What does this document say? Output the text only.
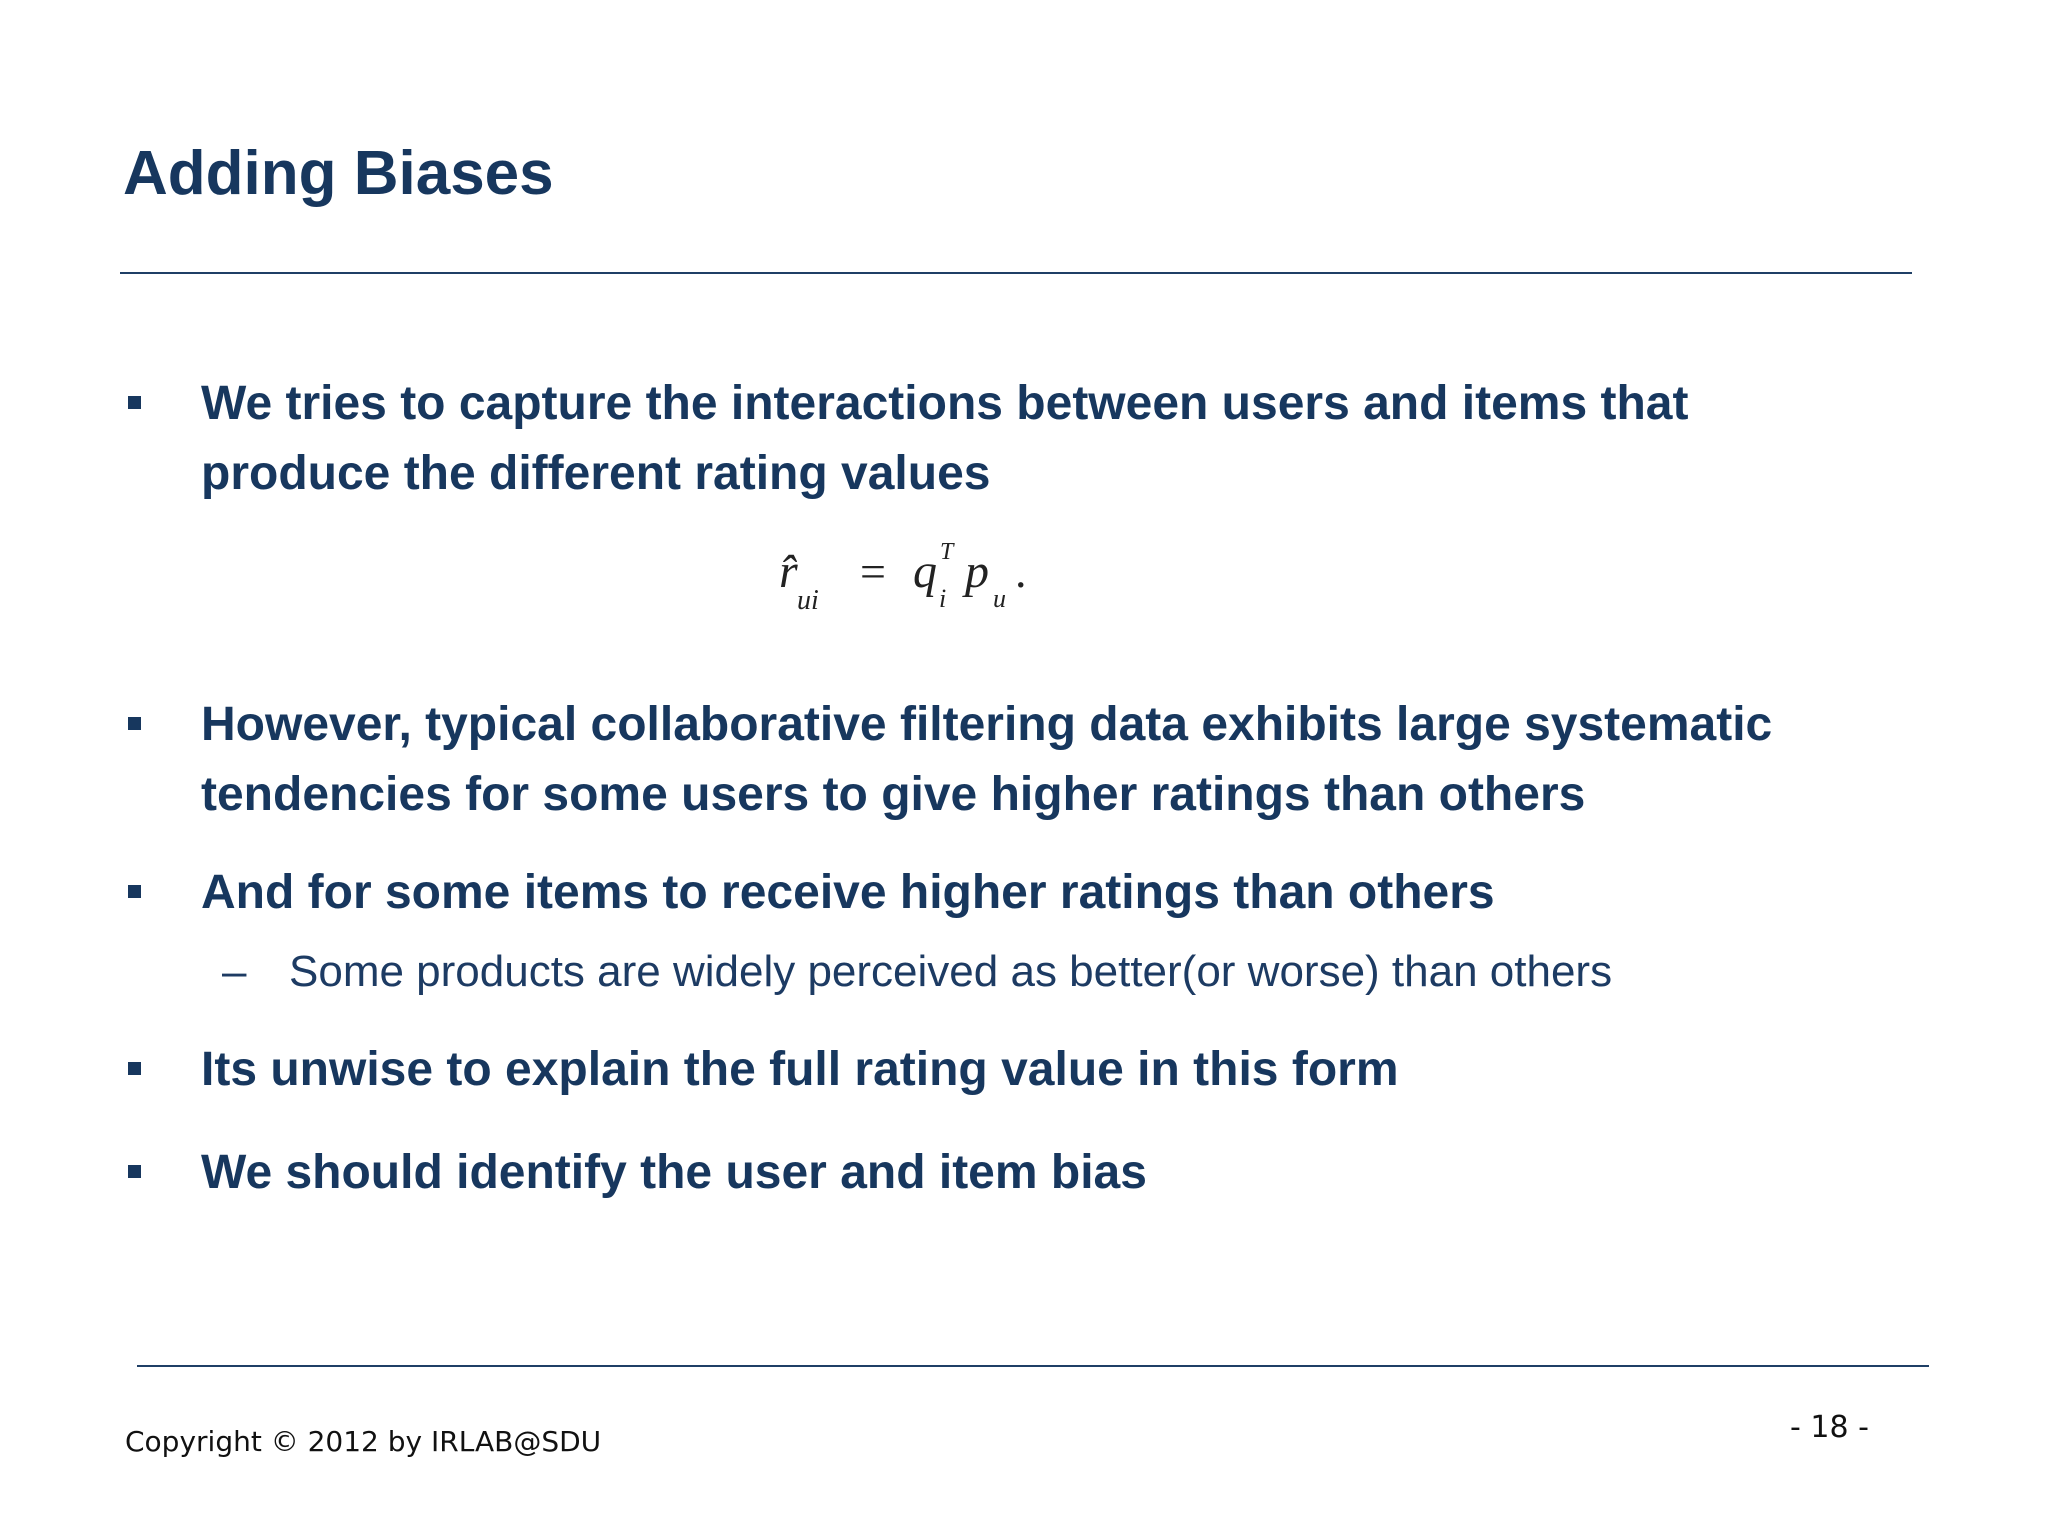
Adding Biases
We tries to capture the interactions between users and items that produce the different rating values
r̂
ui
= q
i
T p
u
.
However, typical collaborative filtering data exhibits large systematic tendencies for some users to give higher ratings than others
And for some items to receive higher ratings than others
– Some products are widely perceived as better(or worse) than others
Its unwise to explain the full rating value in this form
We should identify the user and item bias
Copyright © 2012 by IRLAB@SDU	- 18 -
